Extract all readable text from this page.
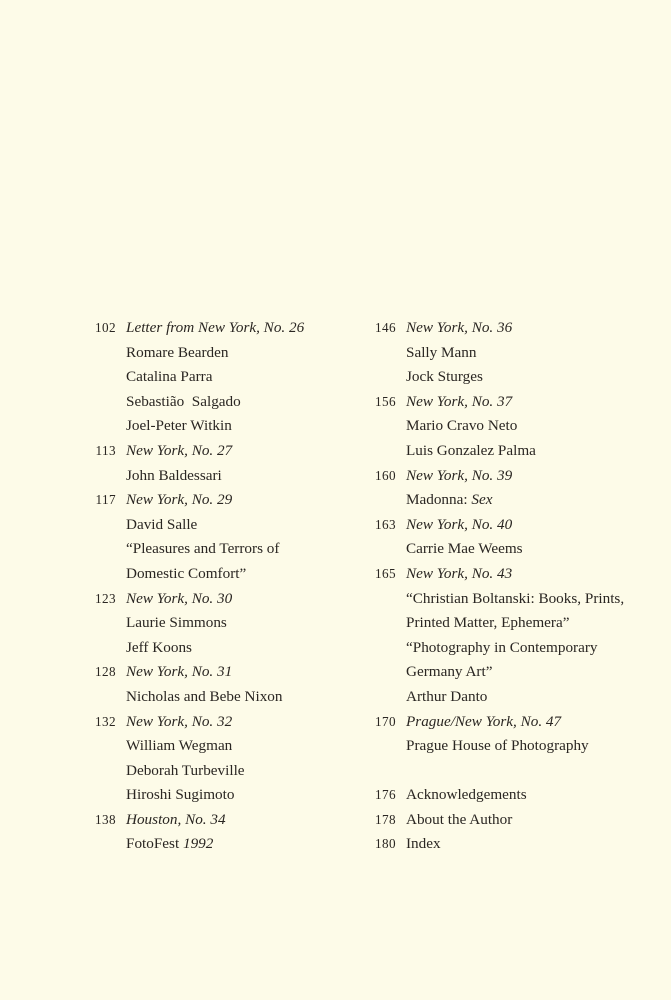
102 Letter from New York, No. 26
Romare Bearden
Catalina Parra
Sebastião  Salgado
Joel-Peter Witkin
113 New York, No. 27
John Baldessari
117 New York, No. 29
David Salle
“Pleasures and Terrors of
Domestic Comfort”
123 New York, No. 30
Laurie Simmons
Jeff Koons
128 New York, No. 31
Nicholas and Bebe Nixon
132 New York, No. 32
William Wegman
Deborah Turbeville
Hiroshi Sugimoto
138 Houston, No. 34
FotoFest 1992
146 New York, No. 36
Sally Mann
Jock Sturges
156 New York, No. 37
Mario Cravo Neto
Luis Gonzalez Palma
160 New York, No. 39
Madonna: Sex
163 New York, No. 40
Carrie Mae Weems
165 New York, No. 43
“Christian Boltanski: Books, Prints,
Printed Matter, Ephemera”
“Photography in Contemporary
Germany Art”
Arthur Danto
170 Prague/New York, No. 47
Prague House of Photography
176 Acknowledgements
178 About the Author
180 Index
